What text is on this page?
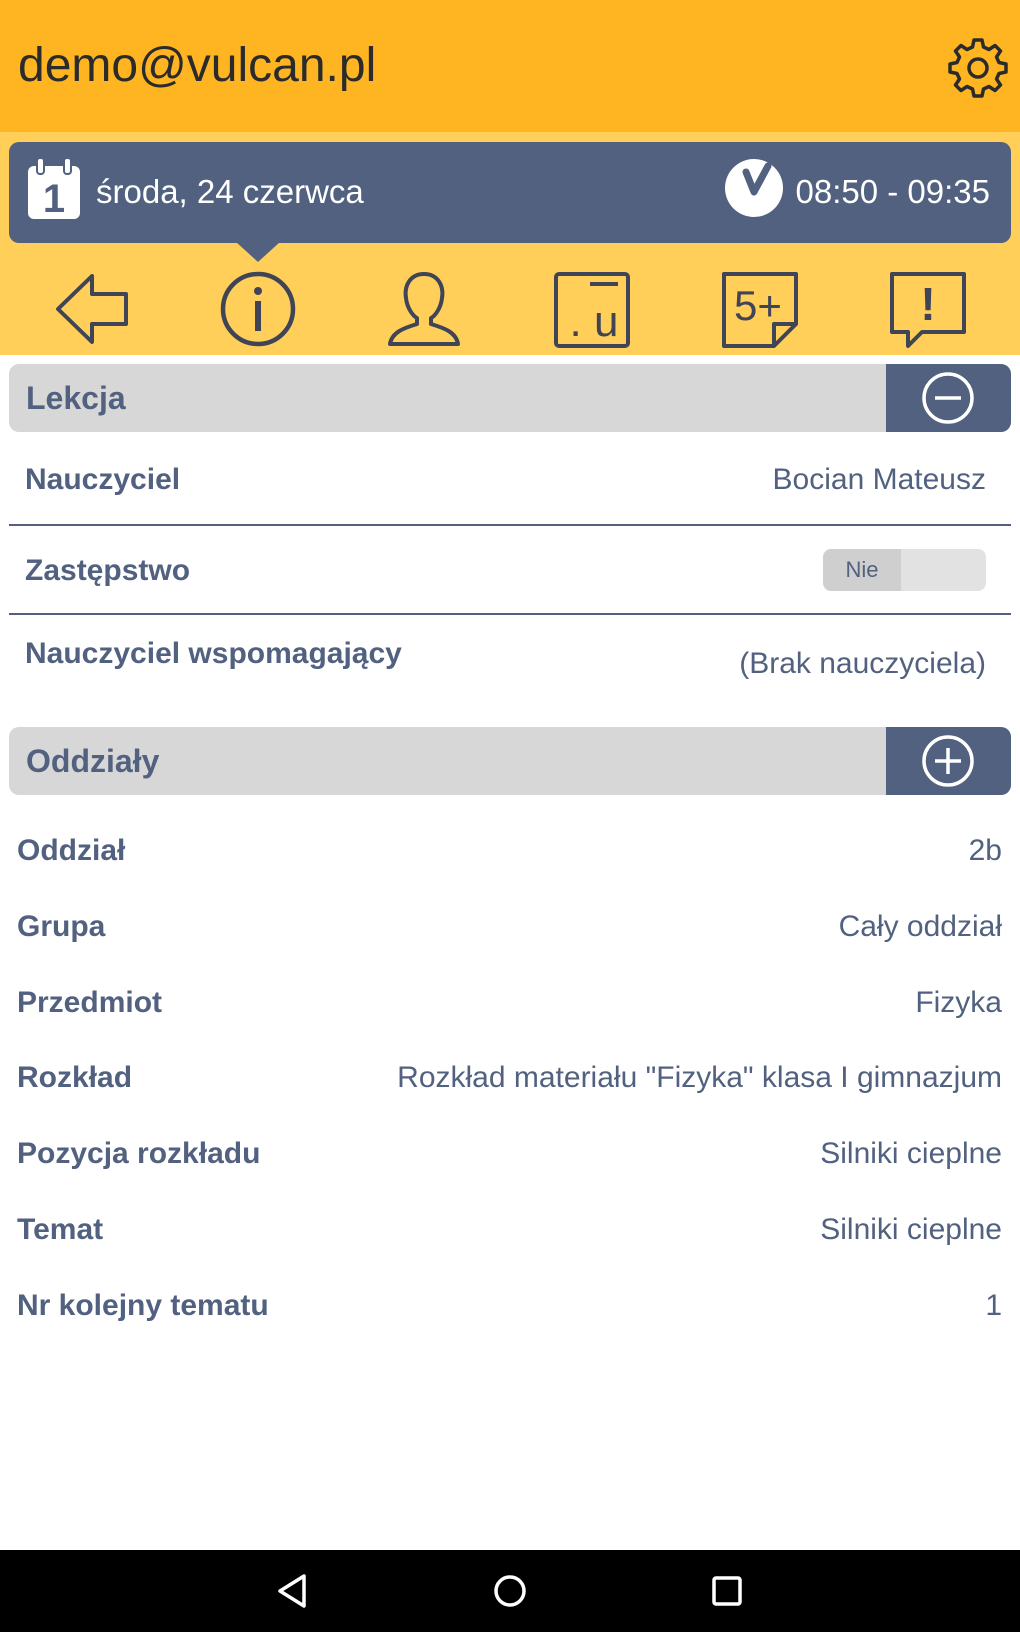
demo@vulcan.pl
1 środa, 24 czerwca	08:50 - 09:35
. u	5+	!
Lekcja
Nauczyciel	Bocian Mateusz
Zastępstwo	Nie
Nauczyciel wspomagający	(Brak nauczyciela)
Oddziały
Oddział	2b
Grupa	Cały oddział
Przedmiot	Fizyka
Rozkład	Rozkład materiału "Fizyka" klasa I gimnazjum
Pozycja rozkładu	Silniki cieplne
Temat	Silniki cieplne
Nr kolejny tematu	1
